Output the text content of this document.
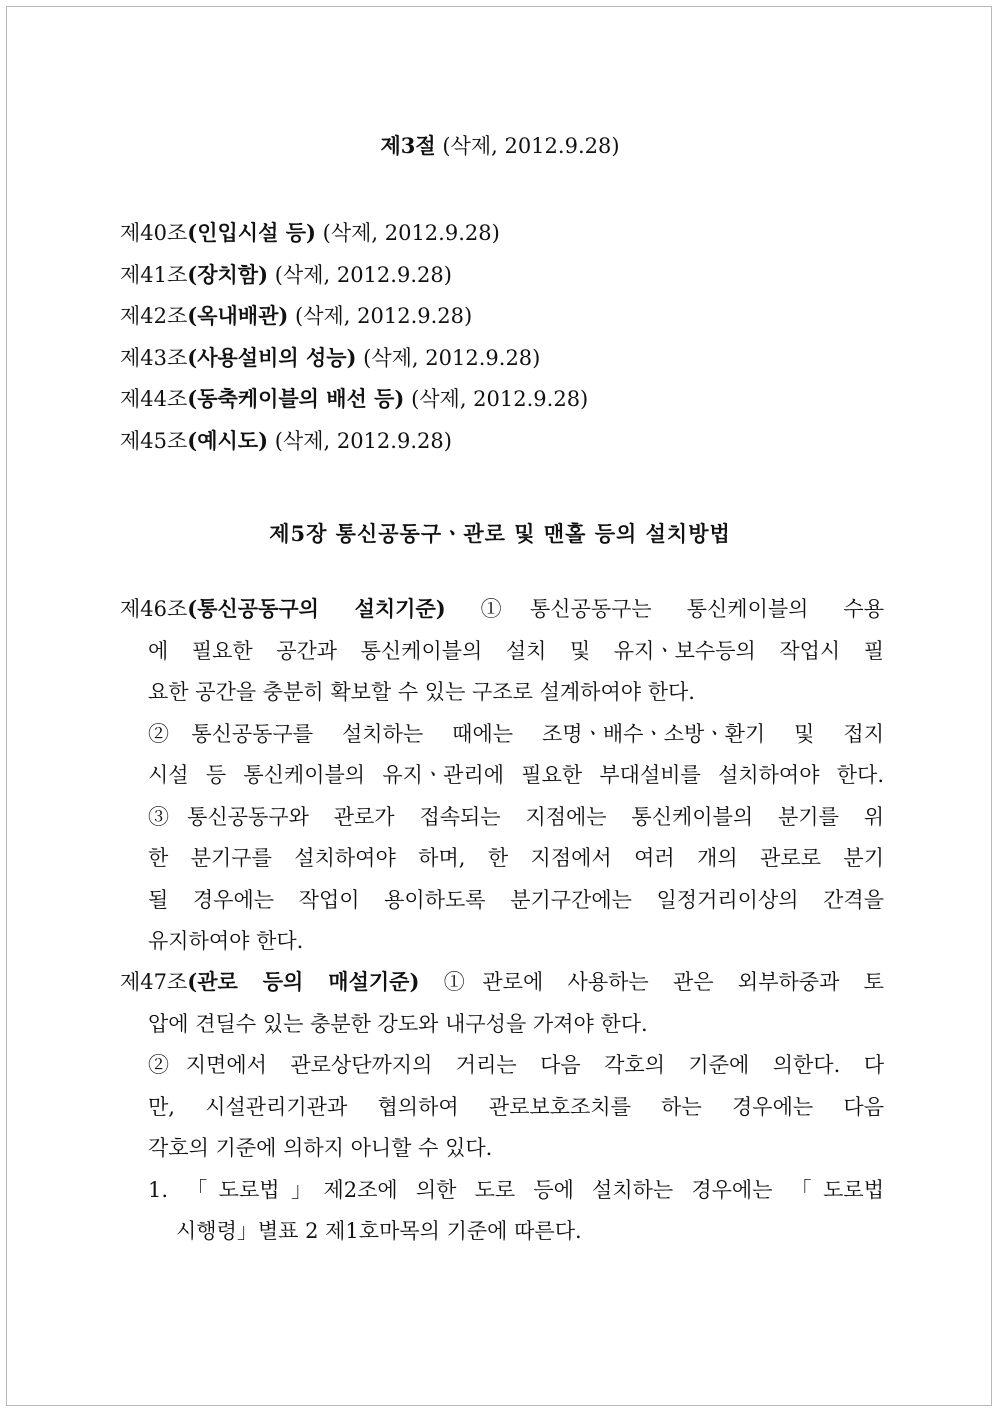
제3절 (삭제, 2012.9.28)
제40조(인입시설 등) (삭제, 2012.9.28)
제41조(장치함) (삭제, 2012.9.28)
제42조(옥내배관) (삭제, 2012.9.28)
제43조(사용설비의 성능) (삭제, 2012.9.28)
제44조(동축케이블의 배선 등) (삭제, 2012.9.28)
제45조(예시도) (삭제, 2012.9.28)
제5장 통신공동구ㆍ관로 및 맨홀 등의 설치방법
제46조(통신공동구의 설치기준) ①통신공동구는 통신케이블의 수용
에 필요한 공간과 통신케이블의 설치 및 유지ㆍ보수등의 작업시 필
요한 공간을 충분히 확보할 수 있는 구조로 설계하여야 한다.
②통신공동구를 설치하는 때에는 조명ㆍ배수ㆍ소방ㆍ환기 및 접지
시설 등 통신케이블의 유지ㆍ관리에 필요한 부대설비를 설치하여야 한다.
③통신공동구와 관로가 접속되는 지점에는 통신케이블의 분기를 위
한 분기구를 설치하여야 하며, 한 지점에서 여러 개의 관로로 분기
될 경우에는 작업이 용이하도록 분기구간에는 일정거리이상의 간격을
유지하여야 한다.
제47조(관로 등의 매설기준) ①관로에 사용하는 관은 외부하중과 토
압에 견딜수 있는 충분한 강도와 내구성을 가져야 한다.
②지면에서 관로상단까지의 거리는 다음 각호의 기준에 의한다. 다
만, 시설관리기관과 협의하여 관로보호조치를 하는 경우에는 다음
각호의 기준에 의하지 아니할 수 있다.
1. 「도로법」제2조에 의한 도로 등에 설치하는 경우에는 「도로법
시행령」별표 2 제1호마목의 기준에 따른다.
